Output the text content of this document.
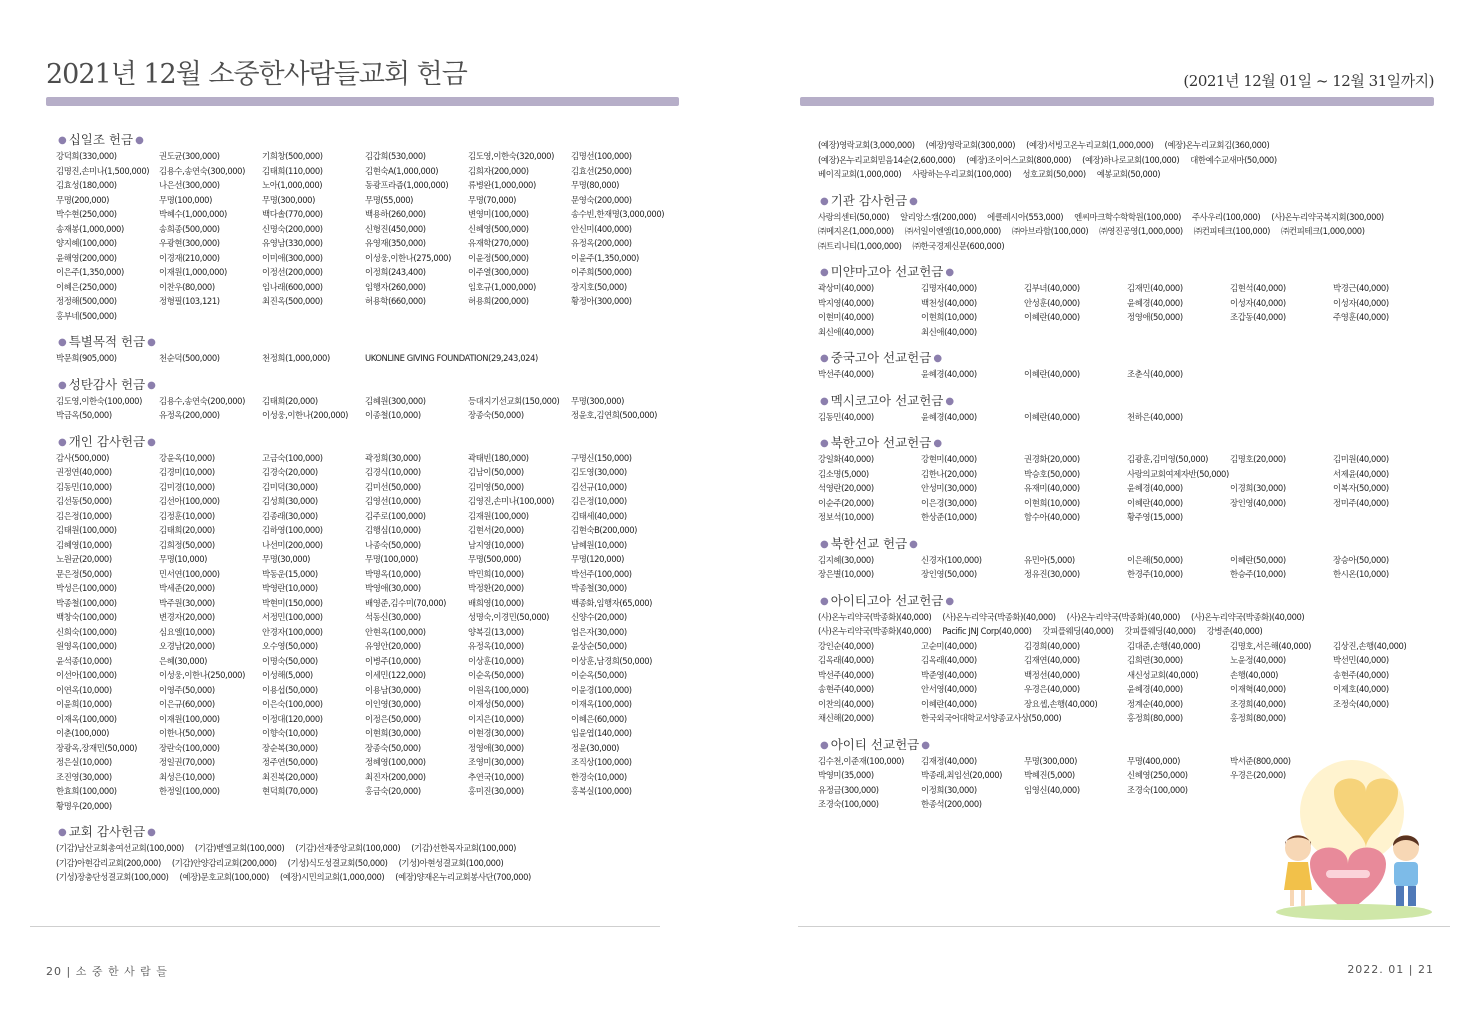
2021년 12월 소중한사람들교회 헌금
● 십일조 헌금 ●
강덕희(330,000)	권도균(300,000)	기희창(500,000)	김갑희(530,000)	김도영,이한숙(320,000)	김명선(100,000)
김명진,손미나(1,500,000)	김용수,송연숙(300,000)	김태희(110,000)	김현숙A(1,000,000)	김희자(200,000)	김효선(250,000)
김효성(180,000)	나은선(300,000)	노아(1,000,000)	동광프라즘(1,000,000)	류병완(1,000,000)	무명(80,000)
무명(200,000)	무명(100,000)	무명(300,000)	무명(55,000)	무명(70,000)	문영숙(200,000)
박수현(250,000)	박혜수(1,000,000)	백다솔(770,000)	백용하(260,000)	변영미(100,000)	송수빈,한재명(3,000,000)
송재봉(1,000,000)	송희종(500,000)	신명숙(200,000)	신형진(450,000)	신혜영(500,000)	안신미(400,000)
양지혜(100,000)	우광현(300,000)	유영남(330,000)	유영재(350,000)	유재학(270,000)	유정옥(200,000)
윤해영(200,000)	이경재(210,000)	이미애(300,000)	이성웅,이한나(275,000)	이윤정(500,000)	이윤주(1,350,000)
이은주(1,350,000)	이재원(1,000,000)	이정선(200,000)	이정희(243,400)	이주열(300,000)	이주희(500,000)
이혜은(250,000)	이찬우(80,000)	임나래(600,000)	임행자(260,000)	임호규(1,000,000)	장지호(50,000)
정정해(500,000)	정형필(103,121)	최진옥(500,000)	허용학(660,000)	허용희(200,000)	황정아(300,000)
홍부네(500,000)
● 특별목적 헌금 ●
박문희(905,000)	천순덕(500,000)	천정희(1,000,000)	UKONLINE GIVING FOUNDATION(29,243,024)
● 성탄감사 헌금 ●
김도영,이한숙(100,000)	김용수,송연숙(200,000)	김태희(20,000)	김혜원(300,000)	등대지기선교회(150,000)	무명(300,000)
박금옥(50,000)	유정옥(200,000)	이성웅,이한나(200,000)	이종철(10,000)	장종숙(50,000)	정윤호,김연희(500,000)
● 개인 감사헌금 ●
감사(500,000)	강윤옥(10,000)	고금숙(100,000)	곽정희(30,000)	곽태빈(180,000)	구명신(150,000)
권정연(40,000)	김경미(10,000)	김경숙(20,000)	김경식(10,000)	김남이(50,000)	김도영(30,000)
김동민(10,000)	김미경(10,000)	김미덕(30,000)	김미선(50,000)	김미영(50,000)	김선규(10,000)
김선동(50,000)	김선아(100,000)	김성희(30,000)	김영선(10,000)	김영진,손미나(100,000)	김은정(10,000)
김은정(10,000)	김정훈(10,000)	김종래(30,000)	김주로(100,000)	김재원(100,000)	김태세(40,000)
김태원(100,000)	김태희(20,000)	김하영(100,000)	김행심(10,000)	김현서(20,000)	김현숙B(200,000)
김혜영(10,000)	김희정(50,000)	나선미(200,000)	나종숙(50,000)	남지영(10,000)	남혜원(10,000)
노원균(20,000)	무명(10,000)	무명(30,000)	무명(100,000)	무명(500,000)	무명(120,000)
문은정(50,000)	민서연(100,000)	박동운(15,000)	박명옥(10,000)	박민희(10,000)	박선주(100,000)
박성은(100,000)	박세준(20,000)	박영란(10,000)	박영애(30,000)	박정환(20,000)	박종철(30,000)
박종철(100,000)	박주원(30,000)	박현미(150,000)	배영준,김수미(70,000)	배희영(10,000)	백종화,임행자(65,000)
백창숙(100,000)	변경자(20,000)	서정민(100,000)	석동신(30,000)	성명숙,이경민(50,000)	신양수(20,000)
신희숙(100,000)	심요엘(10,000)	안경자(100,000)	안현옥(100,000)	양복길(13,000)	엄은자(30,000)
원영옥(100,000)	오경남(20,000)	오수영(50,000)	유영안(20,000)	유정옥(10,000)	윤상순(50,000)
윤석종(10,000)	은혜(30,000)	이명숙(50,000)	이병주(10,000)	이상훈(10,000)	이상훈,남경희(50,000)
이선아(100,000)	이성웅,이한나(250,000)	이성해(5,000)	이세민(122,000)	이순옥(50,000)	이순옥(50,000)
이연옥(10,000)	이영주(50,000)	이용섭(50,000)	이용남(30,000)	이원옥(100,000)	이윤경(100,000)
이윤희(10,000)	이은규(60,000)	이은숙(100,000)	이인영(30,000)	이재성(50,000)	이재옥(100,000)
이재옥(100,000)	이재원(100,000)	이정대(120,000)	이정은(50,000)	이지은(10,000)	이혜은(60,000)
이춘(100,000)	이한나(50,000)	이향숙(10,000)	이현희(30,000)	이현경(30,000)	임윤엽(140,000)
장광옥,장재민(50,000)	장란숙(100,000)	장순복(30,000)	장종숙(50,000)	정영애(30,000)	정윤(30,000)
정은실(10,000)	정일권(70,000)	정주연(50,000)	정혜영(100,000)	조영미(30,000)	조직상(100,000)
조진영(30,000)	최성은(10,000)	최진복(20,000)	최진자(200,000)	추연국(10,000)	한경숙(10,000)
한효희(100,000)	한정일(100,000)	현덕희(70,000)	홍금숙(20,000)	홍미진(30,000)	홍복실(100,000)
황명우(20,000)
● 교회 감사헌금 ●
(기감)남산교회총여선교회(100,000) (기감)벧엘교회(100,000) (기감)선재중앙교회(100,000) (기감)선한목자교회(100,000)
(기감)아현감리교회(200,000) (기감)안양감리교회(200,000) (기성)식도성결교회(50,000) (기성)아현성결교회(100,000)
(기성)장충단성결교회(100,000) (예장)문호교회(100,000) (예장)시민의교회(1,000,000) (예장)양재온누리교회봉사단(700,000)
20 | 소 중 한 사 람 들
(2021년 12월 01일 ~ 12월 31일까지)
(예장)영락교회(3,000,000) (예장)영락교회(300,000) (예장)서빙고온누리교회(1,000,000) (예장)온누리교회김(360,000)
(예장)온누리교회믿음14순(2,600,000) (예장)조이어스교회(800,000) (예장)하나로교회(100,000) 대한예수교새마(50,000)
베이직교회(1,000,000) 사랑하는우리교회(100,000) 성호교회(50,000) 예봉교회(50,000)
● 기관 감사헌금 ●
사랑의센터(50,000) 알리앙스캠(200,000) 에클레시아(553,000) 엔씨마크학수학학원(100,000) 주사우리(100,000) (사)온누리약국복지회(300,000)
㈜메지온(1,000,000) ㈜서일이엔엠(10,000,000) ㈜아브라함(100,000) ㈜영진공영(1,000,000) ㈜컨피테크(100,000) ㈜컨피테크(1,000,000)
㈜트리니티(1,000,000) ㈜한국경제신문(600,000)
● 미얀마고아 선교헌금 ●
곽상미(40,000)	김명자(40,000)	김부녀(40,000)	김재민(40,000)	김현석(40,000)	박경근(40,000)
박지영(40,000)	백천성(40,000)	안성훈(40,000)	윤혜경(40,000)	이성자(40,000)	이성자(40,000)
이현미(40,000)	이현희(10,000)	이혜란(40,000)	정영애(50,000)	조갑동(40,000)	주영훈(40,000)
최신애(40,000)	최신애(40,000)
● 중국고아 선교헌금 ●
박선주(40,000)	윤혜경(40,000)	이혜란(40,000)	조춘식(40,000)
● 멕시코고아 선교헌금 ●
김동민(40,000)	윤혜경(40,000)	이혜란(40,000)	천하은(40,000)
● 북한고아 선교헌금 ●
강일화(40,000)	강현미(40,000)	권경화(20,000)	김광훈,김미영(50,000)	김명호(20,000)	김미원(40,000)
김소명(5,000)	김한나(20,000)	박승호(50,000)	사랑의교회여제자반(50,000)	서제윤(40,000)
석영란(20,000)	안성미(30,000)	유재미(40,000)	윤혜경(40,000)	이경희(30,000)	이복자(50,000)
이순주(20,000)	이은경(30,000)	이현희(10,000)	이혜란(40,000)	장인영(40,000)	정미주(40,000)
정보석(10,000)	한상준(10,000)	함수아(40,000)	황주영(15,000)
● 북한선교 헌금 ●
김지혜(30,000)	신경자(100,000)	유민아(5,000)	이은해(50,000)	이혜란(50,000)	장승아(50,000)
장은별(10,000)	장인영(50,000)	정유진(30,000)	한경주(10,000)	한승주(10,000)	한시온(10,000)
● 아이티고아 선교헌금 ●
(사)온누리약국(박종화)(40,000) (사)온누리약국(박종화)(40,000) (사)온누리약국(박종화)(40,000) (사)온누리약국(박종화)(40,000)
(사)온누리약국(박종화)(40,000) Pacific JNJ Corp(40,000) 갓피플웨딩(40,000) 갓피플웨딩(40,000) 강병준(40,000)
강인순(40,000)	고순미(40,000)	김경희(40,000)	김대준,손행(40,000)	김명호,서은해(40,000)	김상진,손행(40,000)
김옥래(40,000)	김옥래(40,000)	김재연(40,000)	김희련(30,000)	노윤정(40,000)	박선민(40,000)
박선주(40,000)	박준영(40,000)	백정선(40,000)	새신성교회(40,000)	손행(40,000)	송현주(40,000)
송현주(40,000)	안서영(40,000)	우경은(40,000)	윤혜경(40,000)	이재혁(40,000)	이제호(40,000)
이찬의(40,000)	이혜란(40,000)	장요셉,손행(40,000)	정계순(40,000)	조경희(40,000)	조정숙(40,000)
채신해(20,000)	한국외국어대학교서양종교사상(50,000)	홍정희(80,000)	홍정희(80,000)
● 아이티 선교헌금 ●
김수천,이준재(100,000)	김재정(40,000)	무명(300,000)	무명(400,000)	박서준(800,000)
박영미(35,000)	박종래,최임선(20,000)	박혜진(5,000)	신혜영(250,000)	우경은(20,000)
유정금(300,000)	이정희(30,000)	임영신(40,000)	조경숙(100,000)
조경숙(100,000)	한종석(200,000)
2022. 01 | 21
